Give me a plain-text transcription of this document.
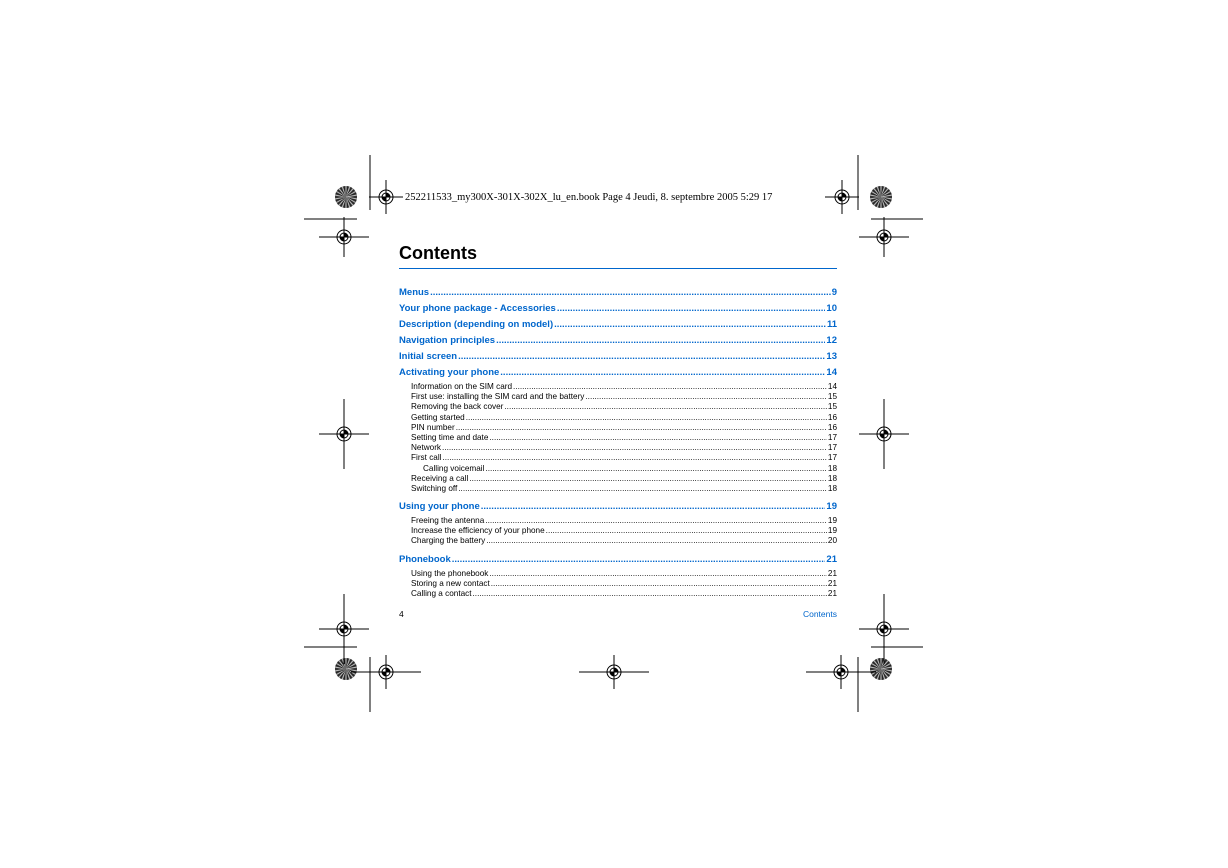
252211533_my300X-301X-302X_lu_en.book Page 4 Jeudi, 8. septembre 2005 5:29 17
Contents
Menus .....	9
Your phone package - Accessories .....	10
Description (depending on model) .....	11
Navigation principles .....	12
Initial screen .....	13
Activating your phone .....	14
Information on the SIM card .....	14
First use: installing the SIM card and the battery .....	15
Removing the back cover .....	15
Getting started .....	16
PIN number .....	16
Setting time and date .....	17
Network .....	17
First call .....	17
Calling voicemail .....	18
Receiving a call .....	18
Switching off .....	18
Using your phone .....	19
Freeing the antenna .....	19
Increase the efficiency of your phone .....	19
Charging the battery .....	20
Phonebook .....	21
Using the phonebook .....	21
Storing a new contact .....	21
Calling a contact .....	21
4	Contents
